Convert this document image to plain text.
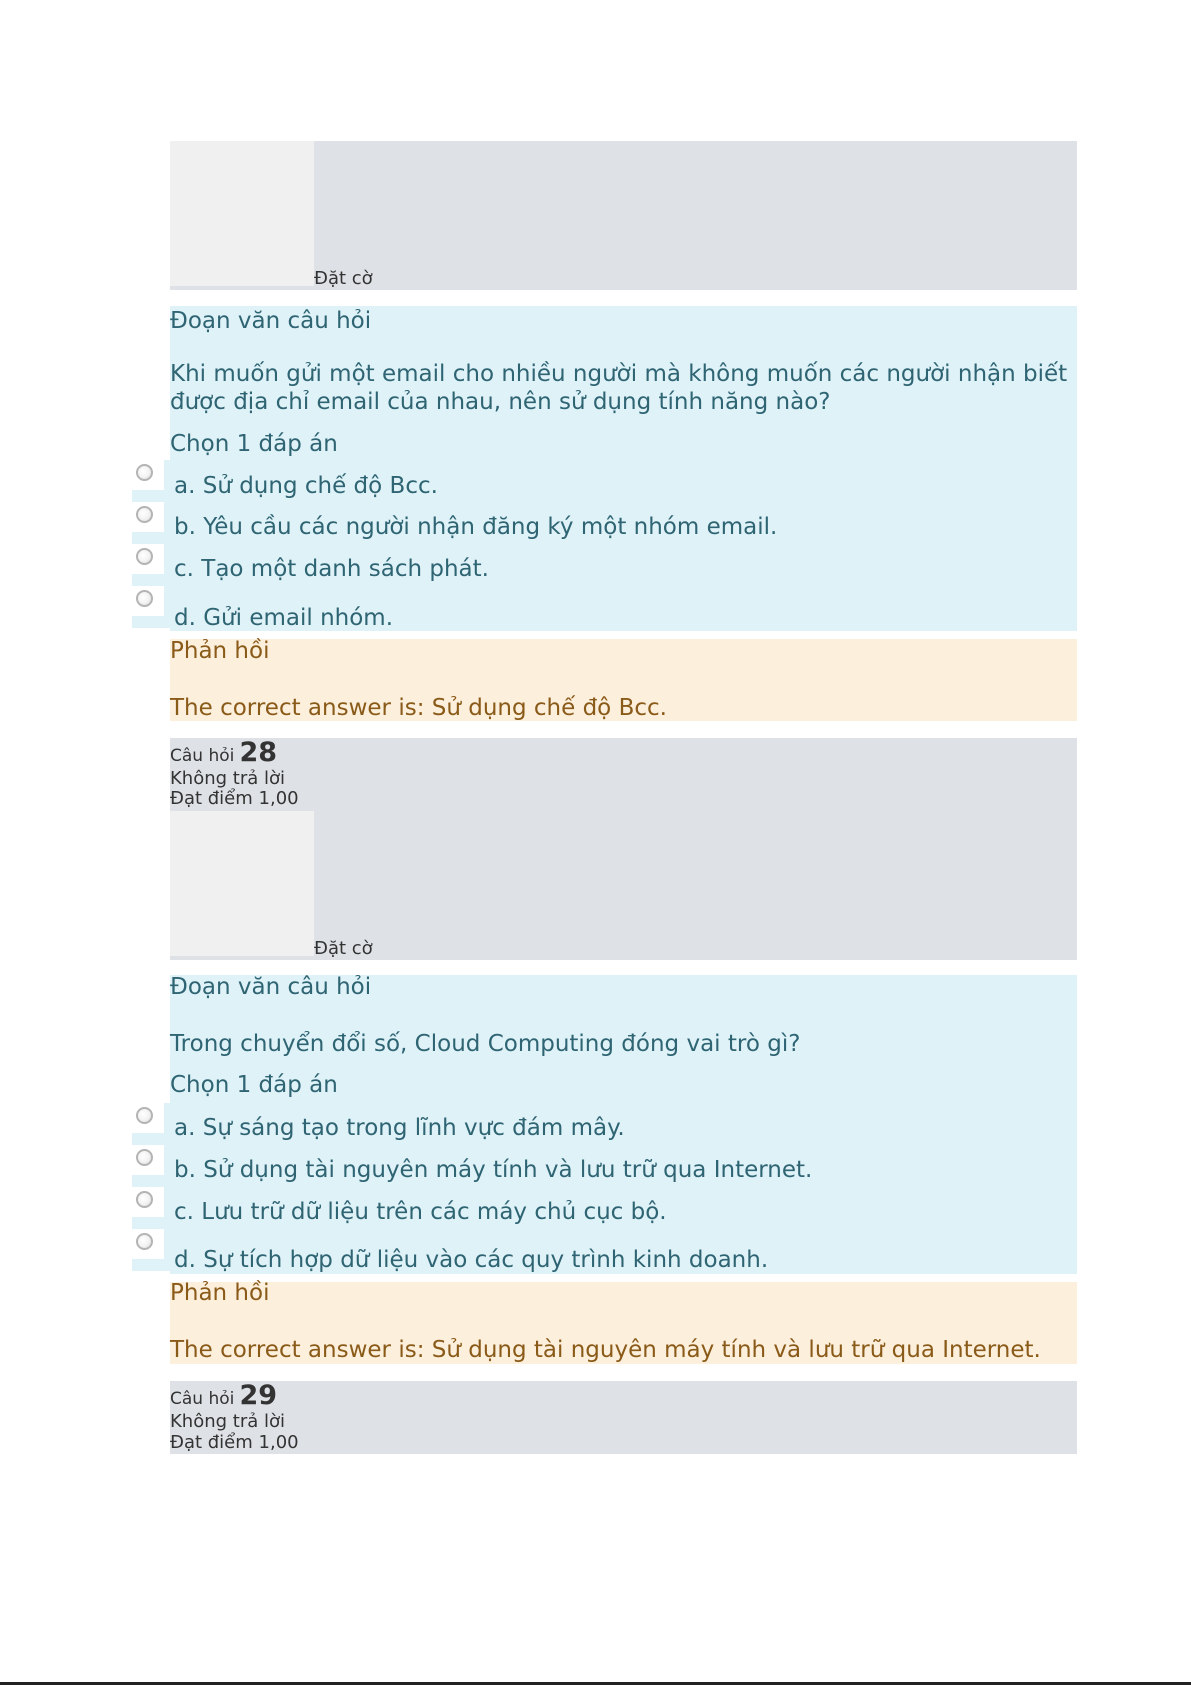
Đặt cờ
Đoạn văn câu hỏi
Khi muốn gửi một email cho nhiều người mà không muốn các người nhận biết được địa chỉ email của nhau, nên sử dụng tính năng nào?
Chọn 1 đáp án
a. Sử dụng chế độ Bcc.
b. Yêu cầu các người nhận đăng ký một nhóm email.
c. Tạo một danh sách phát.
d. Gửi email nhóm.
Phản hồi
The correct answer is: Sử dụng chế độ Bcc.
Câu hỏi 28
Không trả lời
Đạt điểm 1,00
Đặt cờ
Đoạn văn câu hỏi
Trong chuyển đổi số, Cloud Computing đóng vai trò gì?
Chọn 1 đáp án
a. Sự sáng tạo trong lĩnh vực đám mây.
b. Sử dụng tài nguyên máy tính và lưu trữ qua Internet.
c. Lưu trữ dữ liệu trên các máy chủ cục bộ.
d. Sự tích hợp dữ liệu vào các quy trình kinh doanh.
Phản hồi
The correct answer is: Sử dụng tài nguyên máy tính và lưu trữ qua Internet.
Câu hỏi 29
Không trả lời
Đạt điểm 1,00
